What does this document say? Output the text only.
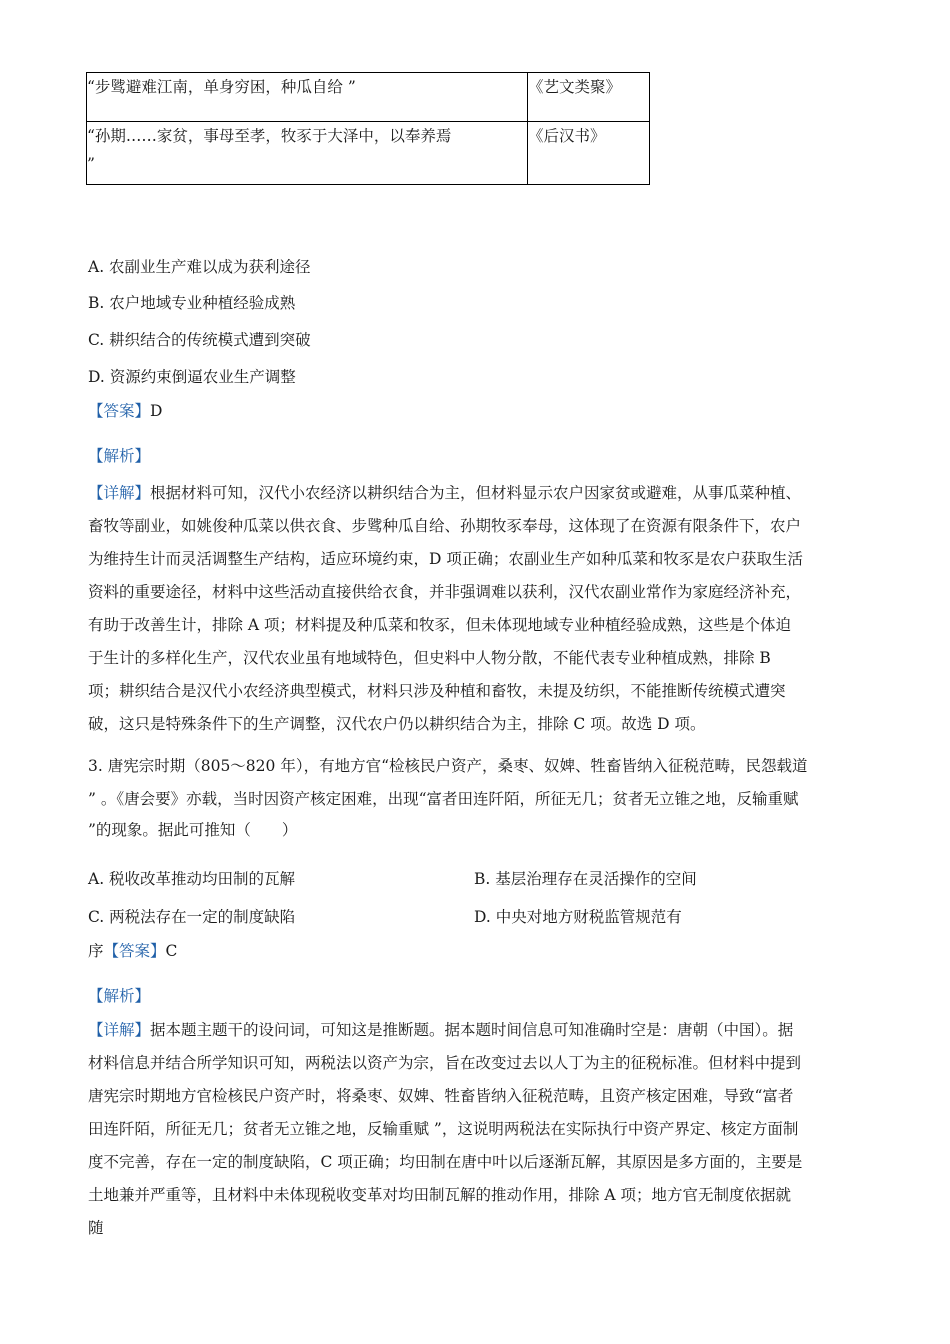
“步骘避难江南，单身穷困，种瓜自给 ”	《艺文类聚》
“孙期……家贫，事母至孝，牧豕于大泽中，以奉养焉
”	《后汉书》
A. 农副业生产难以成为获利途径
B. 农户地域专业种植经验成熟
C. 耕织结合的传统模式遭到突破
D. 资源约束倒逼农业生产调整
【答案】D
【解析】
【详解】根据材料可知，汉代小农经济以耕织结合为主，但材料显示农户因家贫或避难，从事瓜菜种植、
畜牧等副业，如姚俊种瓜菜以供衣食、步骘种瓜自给、孙期牧豕奉母，这体现了在资源有限条件下，农户
为维持生计而灵活调整生产结构，适应环境约束，D 项正确；农副业生产如种瓜菜和牧豕是农户获取生活
资料的重要途径，材料中这些活动直接供给衣食，并非强调难以获利，汉代农副业常作为家庭经济补充，
有助于改善生计，排除 A 项；材料提及种瓜菜和牧豕，但未体现地域专业种植经验成熟，这些是个体迫
于生计的多样化生产，汉代农业虽有地域特色，但史料中人物分散，不能代表专业种植成熟，排除 B
项；耕织结合是汉代小农经济典型模式，材料只涉及种植和畜牧，未提及纺织，不能推断传统模式遭突
破，这只是特殊条件下的生产调整，汉代农户仍以耕织结合为主，排除 C 项。故选 D 项。
3. 唐宪宗时期（805～820 年），有地方官“检核民户资产，桑枣、奴婢、牲畜皆纳入征税范畴，民怨载道
” 。《唐会要》亦载，当时因资产核定困难，出现“富者田连阡陌，所征无几；贫者无立锥之地，反输重赋
”的现象。据此可推知（　　）
A. 税收改革推动均田制的瓦解	B. 基层治理存在灵活操作的空间
C. 两税法存在一定的制度缺陷	D. 中央对地方财税监管规范有
序【答案】C
【解析】
【详解】据本题主题干的设问词，可知这是推断题。据本题时间信息可知准确时空是：唐朝（中国）。据
材料信息并结合所学知识可知，两税法以资产为宗，旨在改变过去以人丁为主的征税标准。但材料中提到
唐宪宗时期地方官检核民户资产时，将桑枣、奴婢、牲畜皆纳入征税范畴，且资产核定困难，导致“富者
田连阡陌，所征无几；贫者无立锥之地，反输重赋 ”，这说明两税法在实际执行中资产界定、核定方面制
度不完善，存在一定的制度缺陷，C 项正确；均田制在唐中叶以后逐渐瓦解，其原因是多方面的，主要是
土地兼并严重等，且材料中未体现税收变革对均田制瓦解的推动作用，排除 A 项；地方官无制度依据就
随
